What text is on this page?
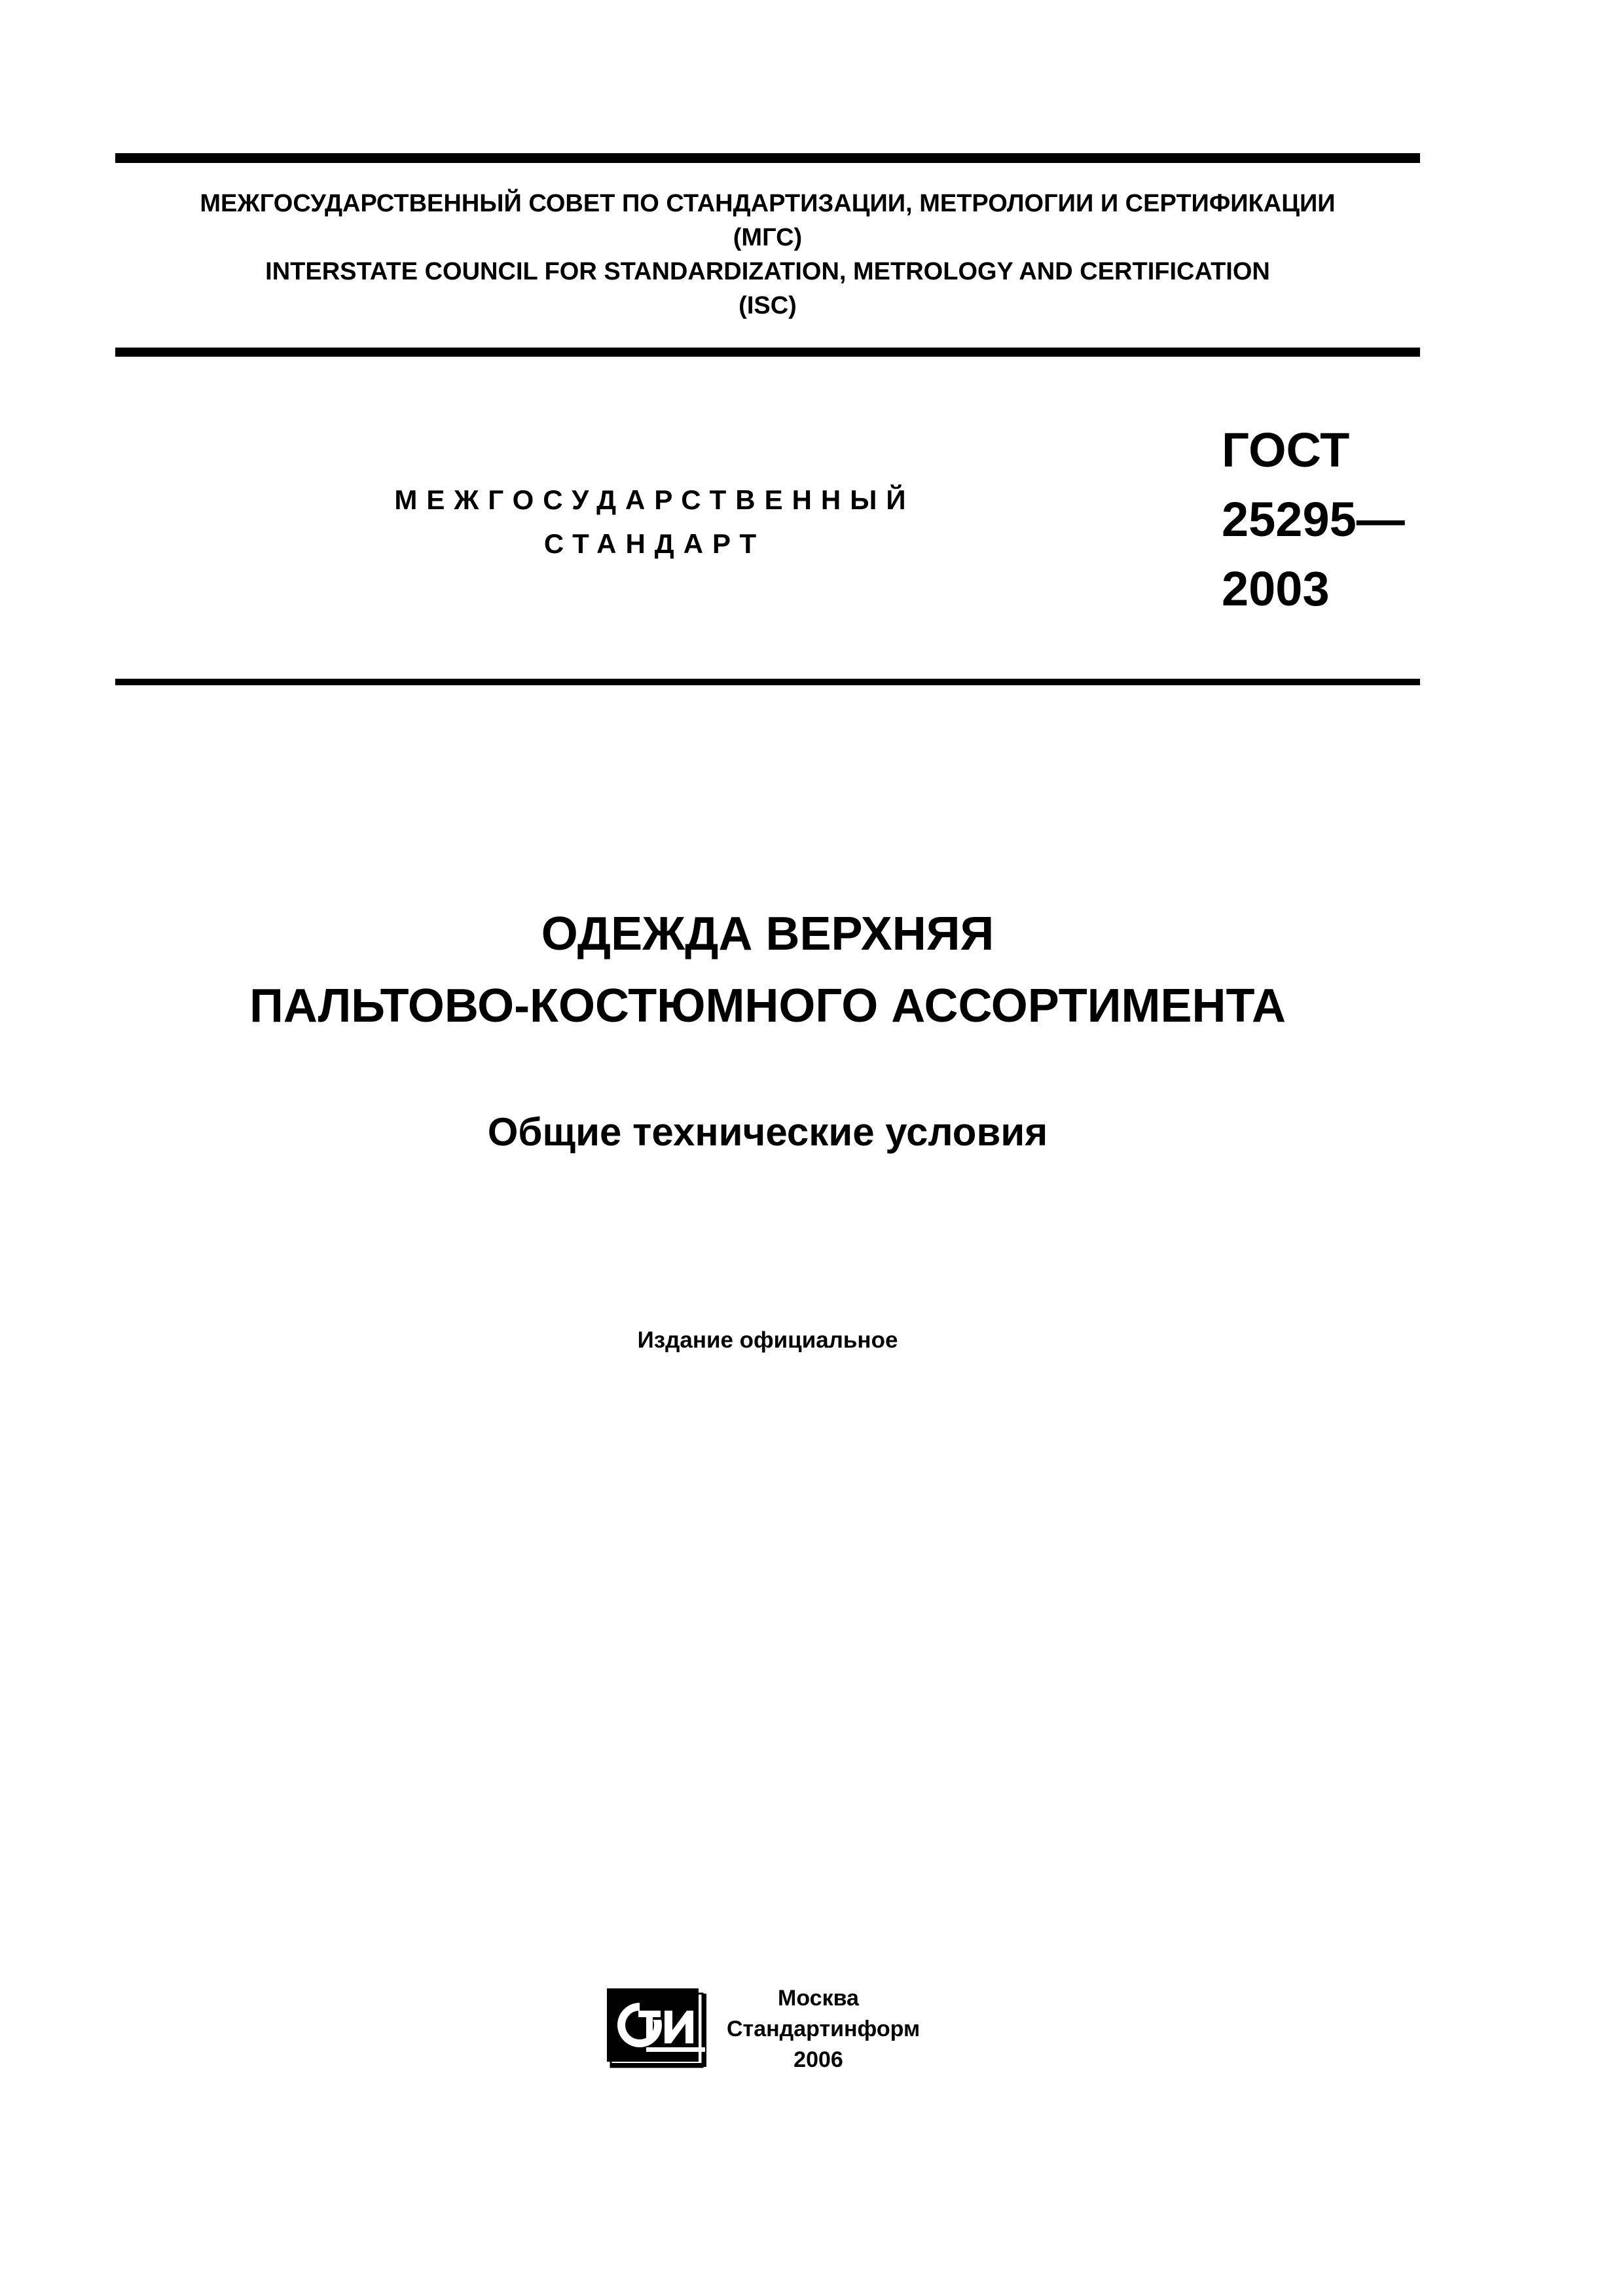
МЕЖГОСУДАРСТВЕННЫЙ СОВЕТ ПО СТАНДАРТИЗАЦИИ, МЕТРОЛОГИИ И СЕРТИФИКАЦИИ
(МГС)
INTERSTATE COUNCIL FOR STANDARDIZATION, METROLOGY AND CERTIFICATION
(ISC)
МЕЖГОСУДАРСТВЕННЫЙ
СТАНДАРТ
ГОСТ
25295—
2003
ОДЕЖДА ВЕРХНЯЯ
ПАЛЬТОВО-КОСТЮМНОГО АССОРТИМЕНТА
Общие технические условия
Издание официальное
Москва
Стандартинформ
2006
